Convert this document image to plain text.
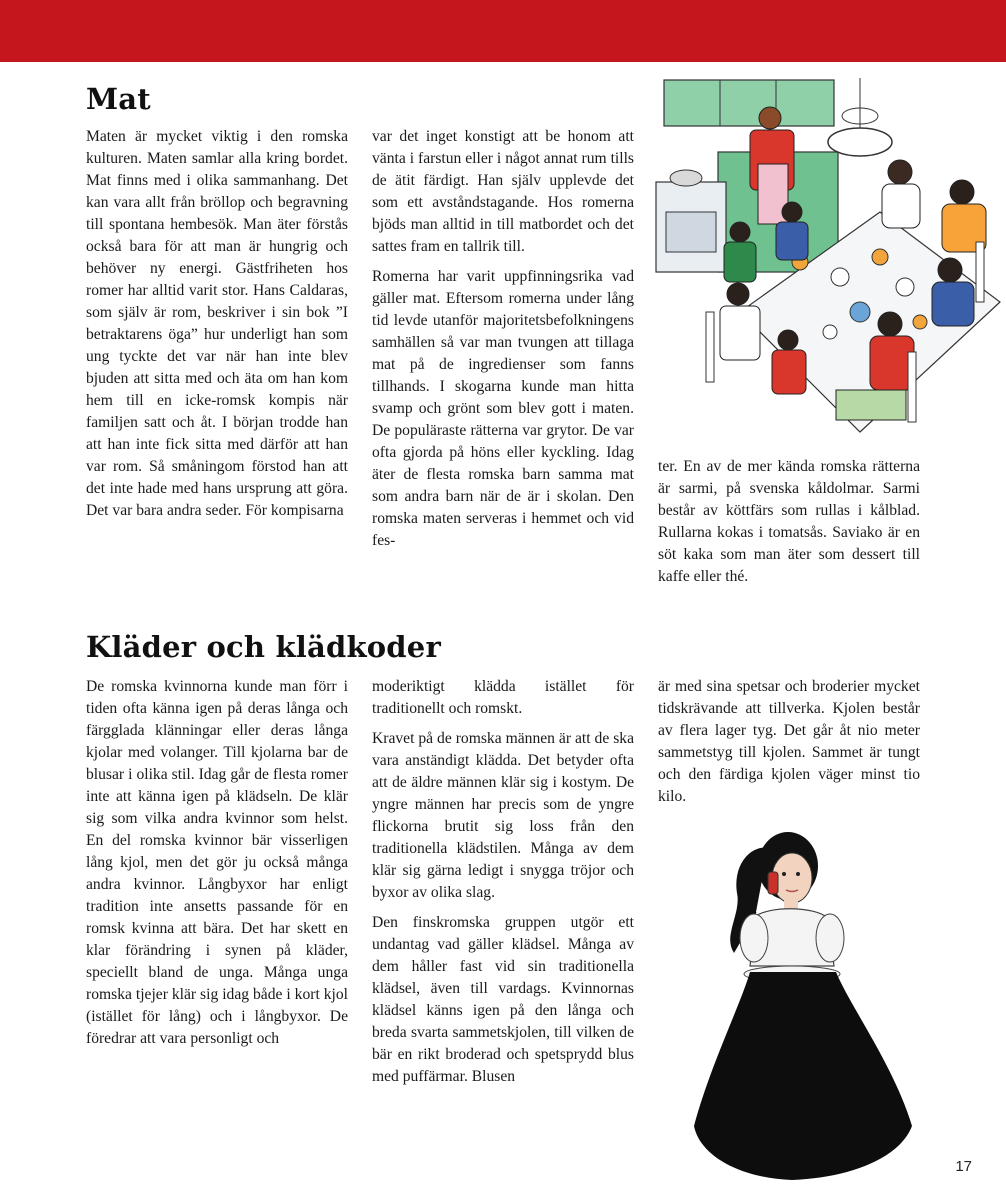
Mat

Maten är mycket viktig i den romska kulturen. Maten samlar alla kring bordet. Mat finns med i olika sammanhang. Det kan vara allt från bröllop och begravning till spontana hembesök. Man äter förstås också bara för att man är hungrig och behöver ny energi. Gästfriheten hos romer har alltid varit stor. Hans Caldaras, som själv är rom, beskriver i sin bok ”I betraktarens öga” hur underligt han som ung tyckte det var när han inte blev bjuden att sitta med och äta om han kom hem till en icke-romsk kompis när familjen satt och åt. I början trodde han att han inte fick sitta med därför att han var rom. Så småningom förstod han att det inte hade med hans ursprung att göra. Det var bara andra seder. För kompisarna

var det inget konstigt att be honom att vänta i farstun eller i något annat rum tills de ätit färdigt. Han själv upplevde det som ett avståndstagande. Hos romerna bjöds man alltid in till matbordet och det sattes fram en tallrik till.

Romerna har varit uppfinningsrika vad gäller mat. Eftersom romerna under lång tid levde utanför majoritetsbefolkningens samhällen så var man tvungen att tillaga mat på de ingredienser som fanns tillhands. I skogarna kunde man hitta svamp och grönt som blev gott i maten. De populäraste rätterna var grytor. De var ofta gjorda på höns eller kyckling. Idag äter de flesta romska barn samma mat som andra barn när de är i skolan. Den romska maten serveras i hemmet och vid fes-

ter. En av de mer kända romska rätterna är sarmi, på svenska kåldolmar. Sarmi består av köttfärs som rullas i kålblad. Rullarna kokas i tomatsås. Saviako är en söt kaka som man äter som dessert till kaffe eller thé.

Kläder och klädkoder

De romska kvinnorna kunde man förr i tiden ofta känna igen på deras långa och färgglada klänningar eller deras långa kjolar med volanger. Till kjolarna bar de blusar i olika stil. Idag går de flesta romer inte att känna igen på klädseln. De klär sig som vilka andra kvinnor som helst. En del romska kvinnor bär visserligen lång kjol, men det gör ju också många andra kvinnor. Långbyxor har enligt tradition inte ansetts passande för en romsk kvinna att bära. Det har skett en klar förändring i synen på kläder, speciellt bland de unga. Många unga romska tjejer klär sig idag både i kort kjol (istället för lång) och i långbyxor. De föredrar att vara personligt och

moderiktigt klädda istället för traditionellt och romskt.

Kravet på de romska männen är att de ska vara anständigt klädda. Det betyder ofta att de äldre männen klär sig i kostym. De yngre männen har precis som de yngre flickorna brutit sig loss från den traditionella klädstilen. Många av dem klär sig gärna ledigt i snygga tröjor och byxor av olika slag.

Den finskromska gruppen utgör ett undantag vad gäller klädsel. Många av dem håller fast vid sin traditionella klädsel, även till vardags. Kvinnornas klädsel känns igen på den långa och breda svarta sammetskjolen, till vilken de bär en rikt broderad och spetsprydd blus med puffärmar. Blusen

är med sina spetsar och broderier mycket tidskrävande att tillverka. Kjolen består av flera lager tyg. Det går åt nio meter sammetstyg till kjolen. Sammet är tungt och den färdiga kjolen väger minst tio kilo.

17
